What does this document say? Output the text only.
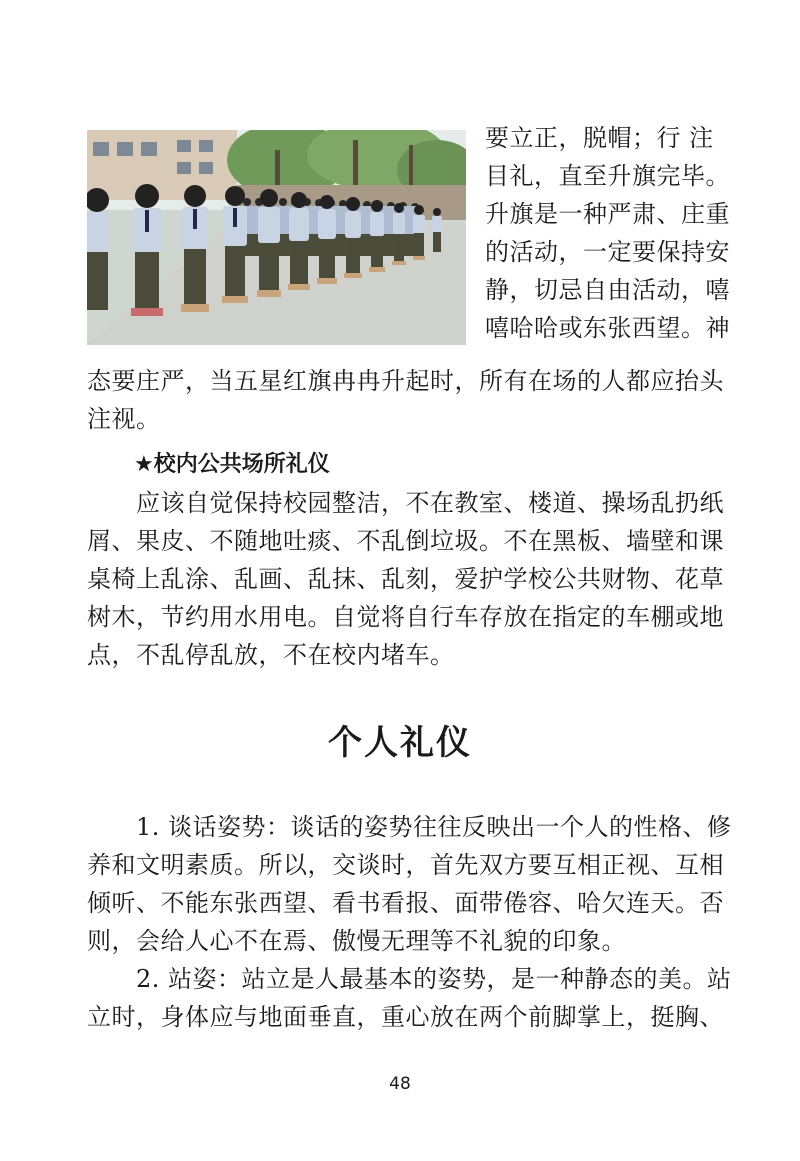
要立正，脱帽；行 注
目礼，直至升旗完毕。
升旗是一种严肃、庄重
的活动，一定要保持安
静，切忌自由活动，嘻
嘻哈哈或东张西望。神
态要庄严，当五星红旗冉冉升起时，所有在场的人都应抬头
注视。
★校内公共场所礼仪
　　应该自觉保持校园整洁，不在教室、楼道、操场乱扔纸
屑、果皮、不随地吐痰、不乱倒垃圾。不在黑板、墙壁和课
桌椅上乱涂、乱画、乱抹、乱刻，爱护学校公共财物、花草
树木，节约用水用电。自觉将自行车存放在指定的车棚或地
点，不乱停乱放，不在校内堵车。
个人礼仪
　　1. 谈话姿势：谈话的姿势往往反映出一个人的性格、修
养和文明素质。所以，交谈时，首先双方要互相正视、互相
倾听、不能东张西望、看书看报、面带倦容、哈欠连天。否
则，会给人心不在焉、傲慢无理等不礼貌的印象。
　　2. 站姿：站立是人最基本的姿势，是一种静态的美。站
立时，身体应与地面垂直，重心放在两个前脚掌上，挺胸、
48
